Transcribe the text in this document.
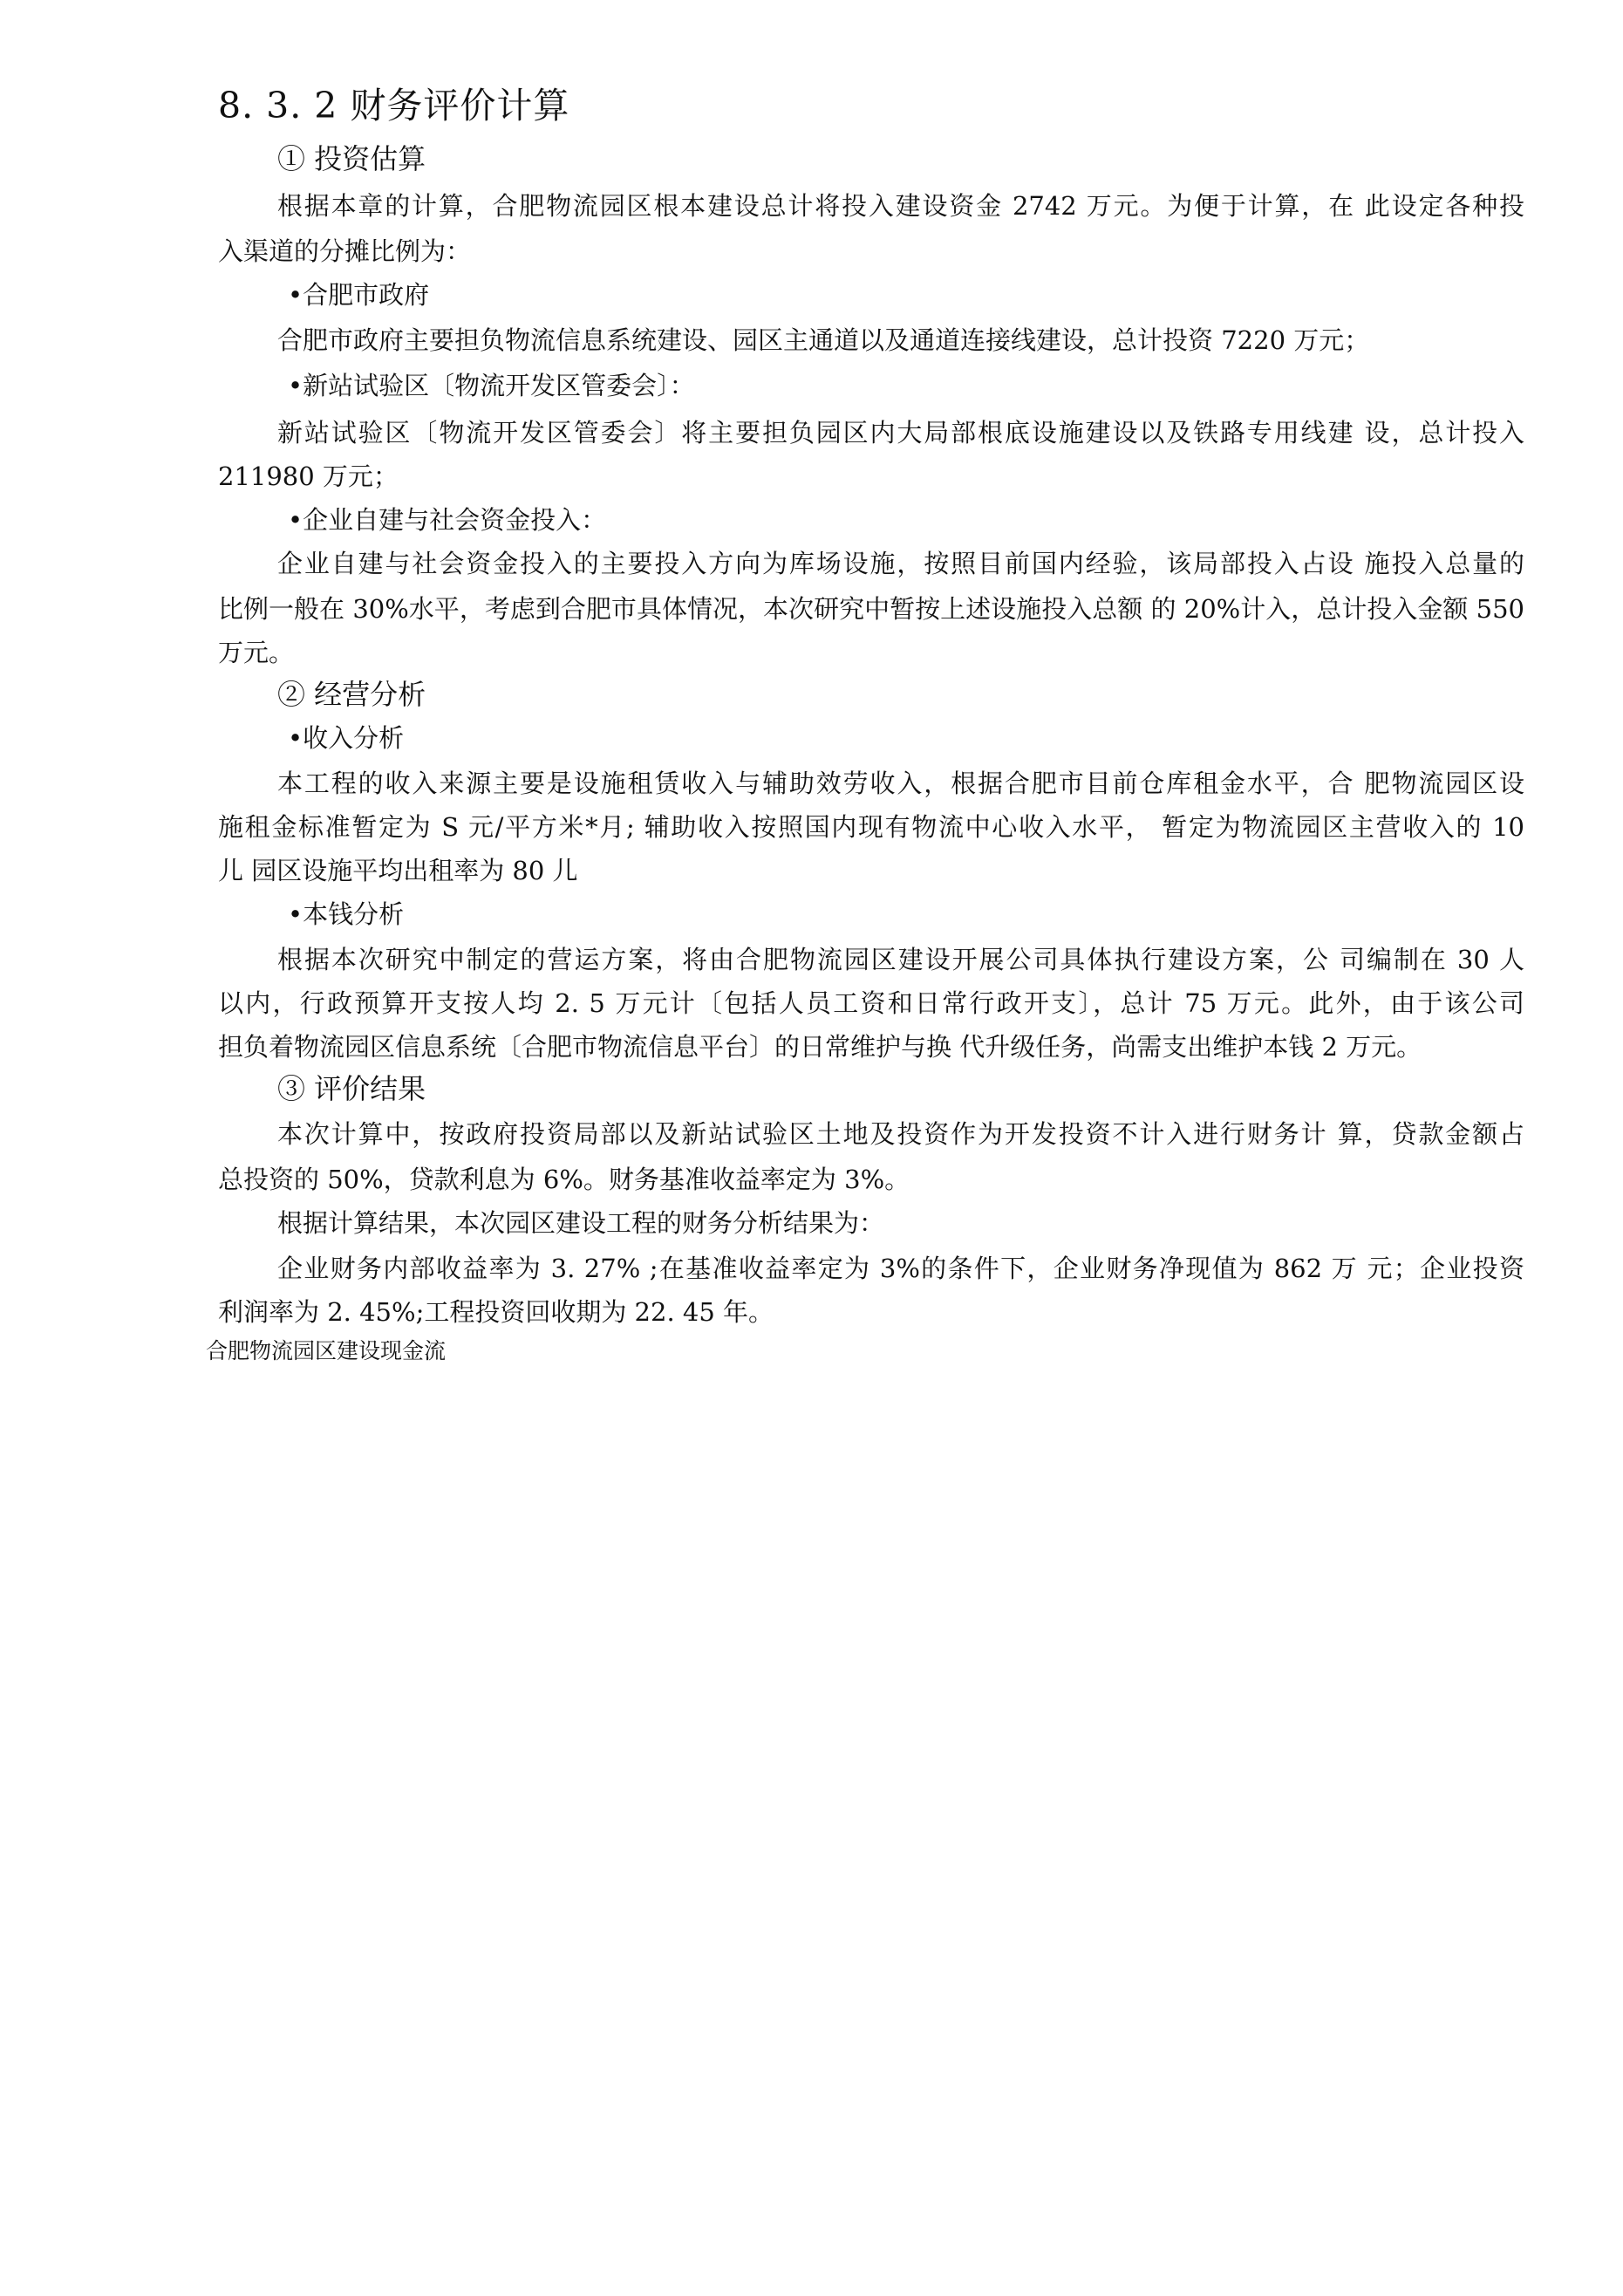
8. 3. 2 财务评价计算
① 投资估算
根据本章的计算，合肥物流园区根本建设总计将投入建设资金 2742 万元。为便于计算，在 此设定各种投
入渠道的分摊比例为：
•合肥市政府
合肥市政府主要担负物流信息系统建设、园区主通道以及通道连接线建设，总计投资 7220 万元；
•新站试验区〔物流开发区管委会〕：
新站试验区〔物流开发区管委会〕将主要担负园区内大局部根底设施建设以及铁路专用线建 设，总计投入
211980 万元；
•企业自建与社会资金投入：
企业自建与社会资金投入的主要投入方向为库场设施，按照目前国内经验，该局部投入占设 施投入总量的
比例一般在 30%水平，考虑到合肥市具体情况，本次研究中暂按上述设施投入总额 的 20%计入，总计投入金额 550
万元。
② 经营分析
•收入分析
本工程的收入来源主要是设施租赁收入与辅助效劳收入，根据合肥市目前仓库租金水平，合 肥物流园区设
施租金标准暂定为 S 元/平方米*月; 辅助收入按照国内现有物流中心收入水平， 暂定为物流园区主营收入的 10
儿 园区设施平均出租率为 80 儿
•本钱分析
根据本次研究中制定的营运方案，将由合肥物流园区建设开展公司具体执行建设方案，公 司编制在 30 人
以内，行政预算开支按人均 2. 5 万元计〔包括人员工资和日常行政开支〕，总计 75 万元。此外，由于该公司
担负着物流园区信息系统〔合肥市物流信息平台〕的日常维护与换 代升级任务，尚需支出维护本钱 2 万元。
③ 评价结果
本次计算中，按政府投资局部以及新站试验区土地及投资作为开发投资不计入进行财务计 算，贷款金额占
总投资的 50%，贷款利息为 6%。财务基准收益率定为 3%。
根据计算结果，本次园区建设工程的财务分析结果为：
企业财务内部收益率为 3. 27% ;在基准收益率定为 3%的条件下，企业财务净现值为 862 万 元；企业投资
利润率为 2. 45%;工程投资回收期为 22. 45 年。
合肥物流园区建设现金流
